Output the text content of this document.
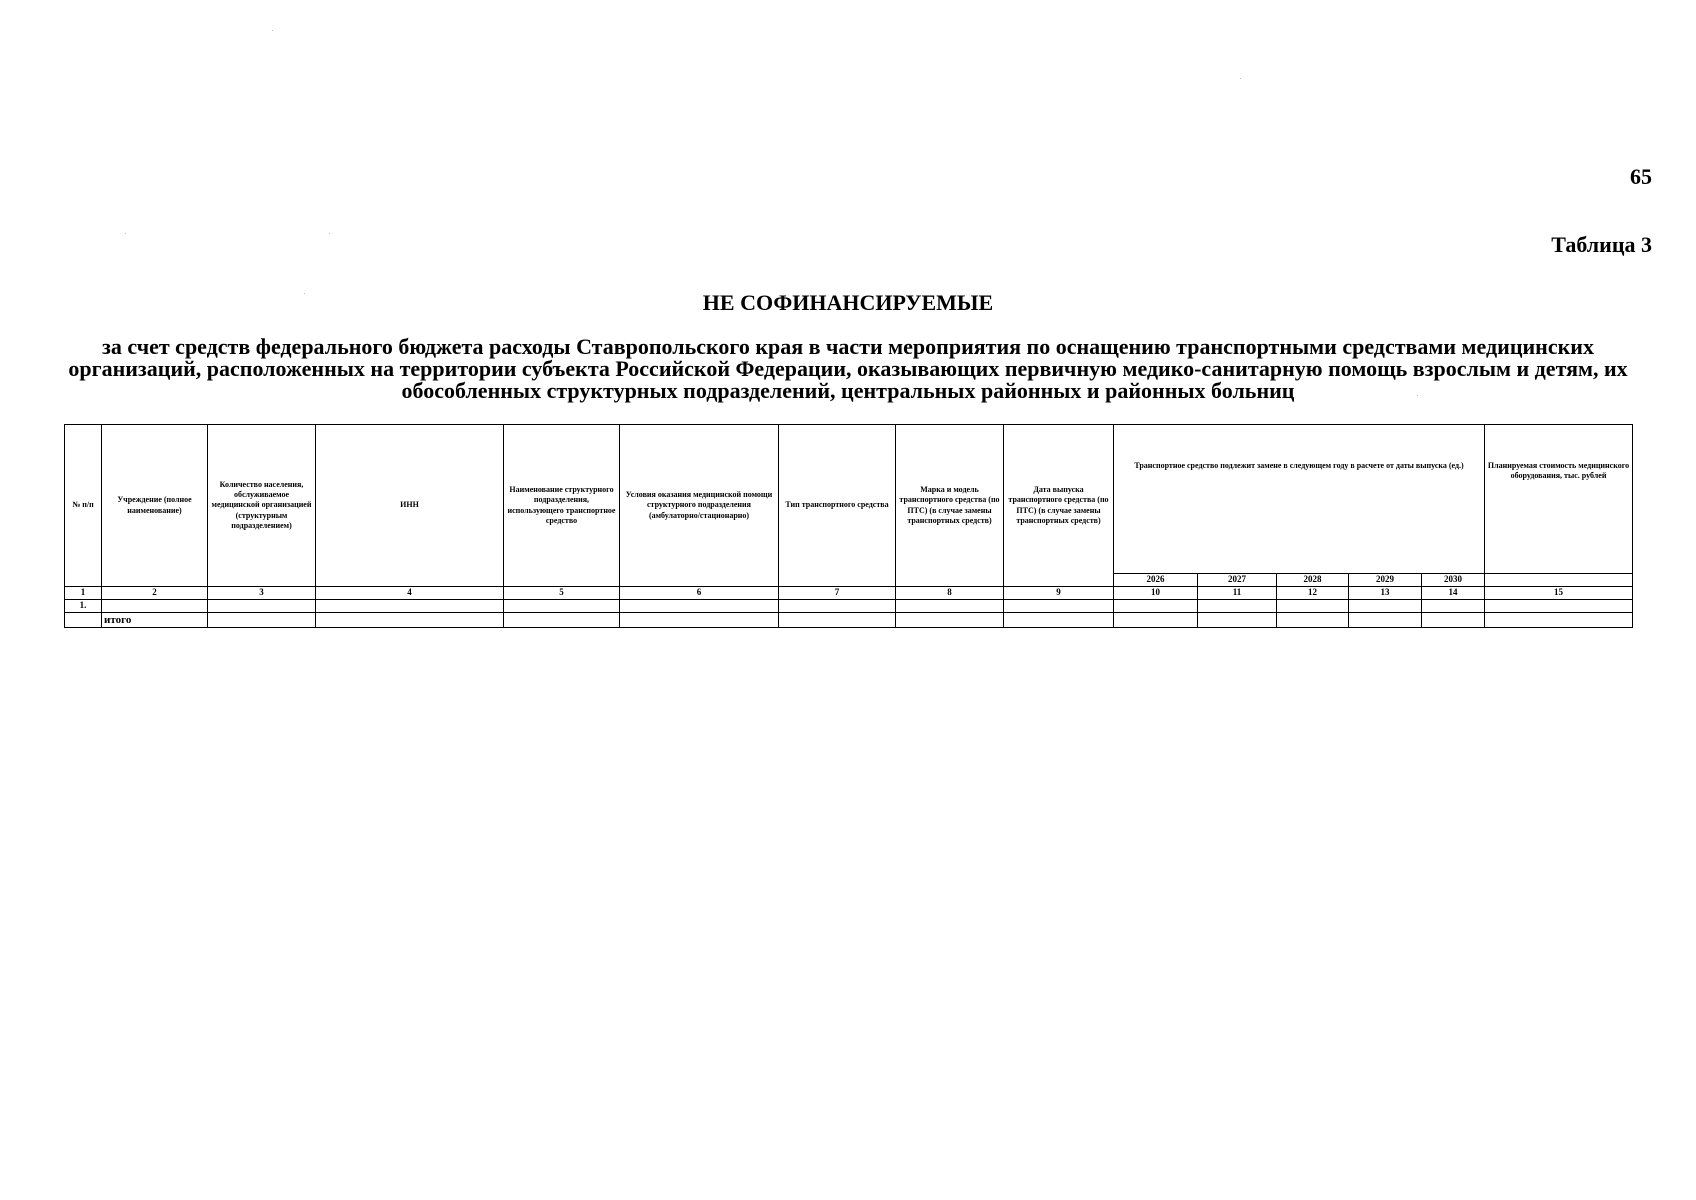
65
Таблица 3
НЕ СОФИНАНСИРУЕМЫЕ
за счет средств федерального бюджета расходы Ставропольского края в части мероприятия по оснащению транспортными средствами медицинских организаций, расположенных на территории субъекта Российской Федерации, оказывающих первичную медико-санитарную помощь взрослым и детям, их обособленных структурных подразделений, центральных районных и районных больниц
№ п/п	Учреждение (полное наименование)	Количество населения, обслуживаемое медицинской организацией (структурным подразделением)	ИНН	Наименование структурного подразделения, использующего транспортное средство	Условия оказания медицинской помощи структурного подразделения (амбулаторно/стационарно)	Тип транспортного средства	Марка и модель транспортного средства (по ПТС) (в случае замены транспортных средств)	Дата выпуска транспортного средства (по ПТС) (в случае замены транспортных средств)	Транспортное средство подлежит замене в следующем году в расчете от даты выпуска (ед.)					Планируемая стоимость медицинского оборудования, тыс. рублей
									2026	2027	2028	2029	2030	
1	2	3	4	5	6	7	8	9	10	11	12	13	14	15
1.														
	итого													
